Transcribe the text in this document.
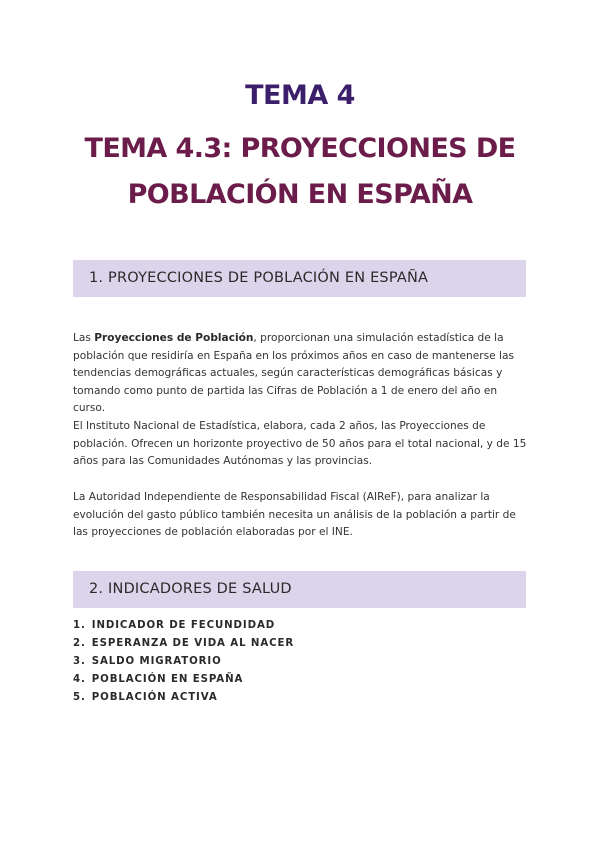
TEMA 4
TEMA 4.3: PROYECCIONES DE POBLACIÓN EN ESPAÑA
1. PROYECCIONES DE POBLACIÓN EN ESPAÑA

Las Proyecciones de Población, proporcionan una simulación estadística de la población que residiría en España en los próximos años en caso de mantenerse las tendencias demográficas actuales, según características demográficas básicas y tomando como punto de partida las Cifras de Población a 1 de enero del año en curso.

El Instituto Nacional de Estadística, elabora, cada 2 años, las Proyecciones de población. Ofrecen un horizonte proyectivo de 50 años para el total nacional, y de 15 años para las Comunidades Autónomas y las provincias.

La Autoridad Independiente de Responsabilidad Fiscal (AIReF), para analizar la evolución del gasto público también necesita un análisis de la población a partir de las proyecciones de población elaboradas por el INE.

2. INDICADORES DE SALUD
1. INDICADOR DE FECUNDIDAD
2. ESPERANZA DE VIDA AL NACER
3. SALDO MIGRATORIO
4. POBLACIÓN EN ESPAÑA
5. POBLACIÓN ACTIVA
